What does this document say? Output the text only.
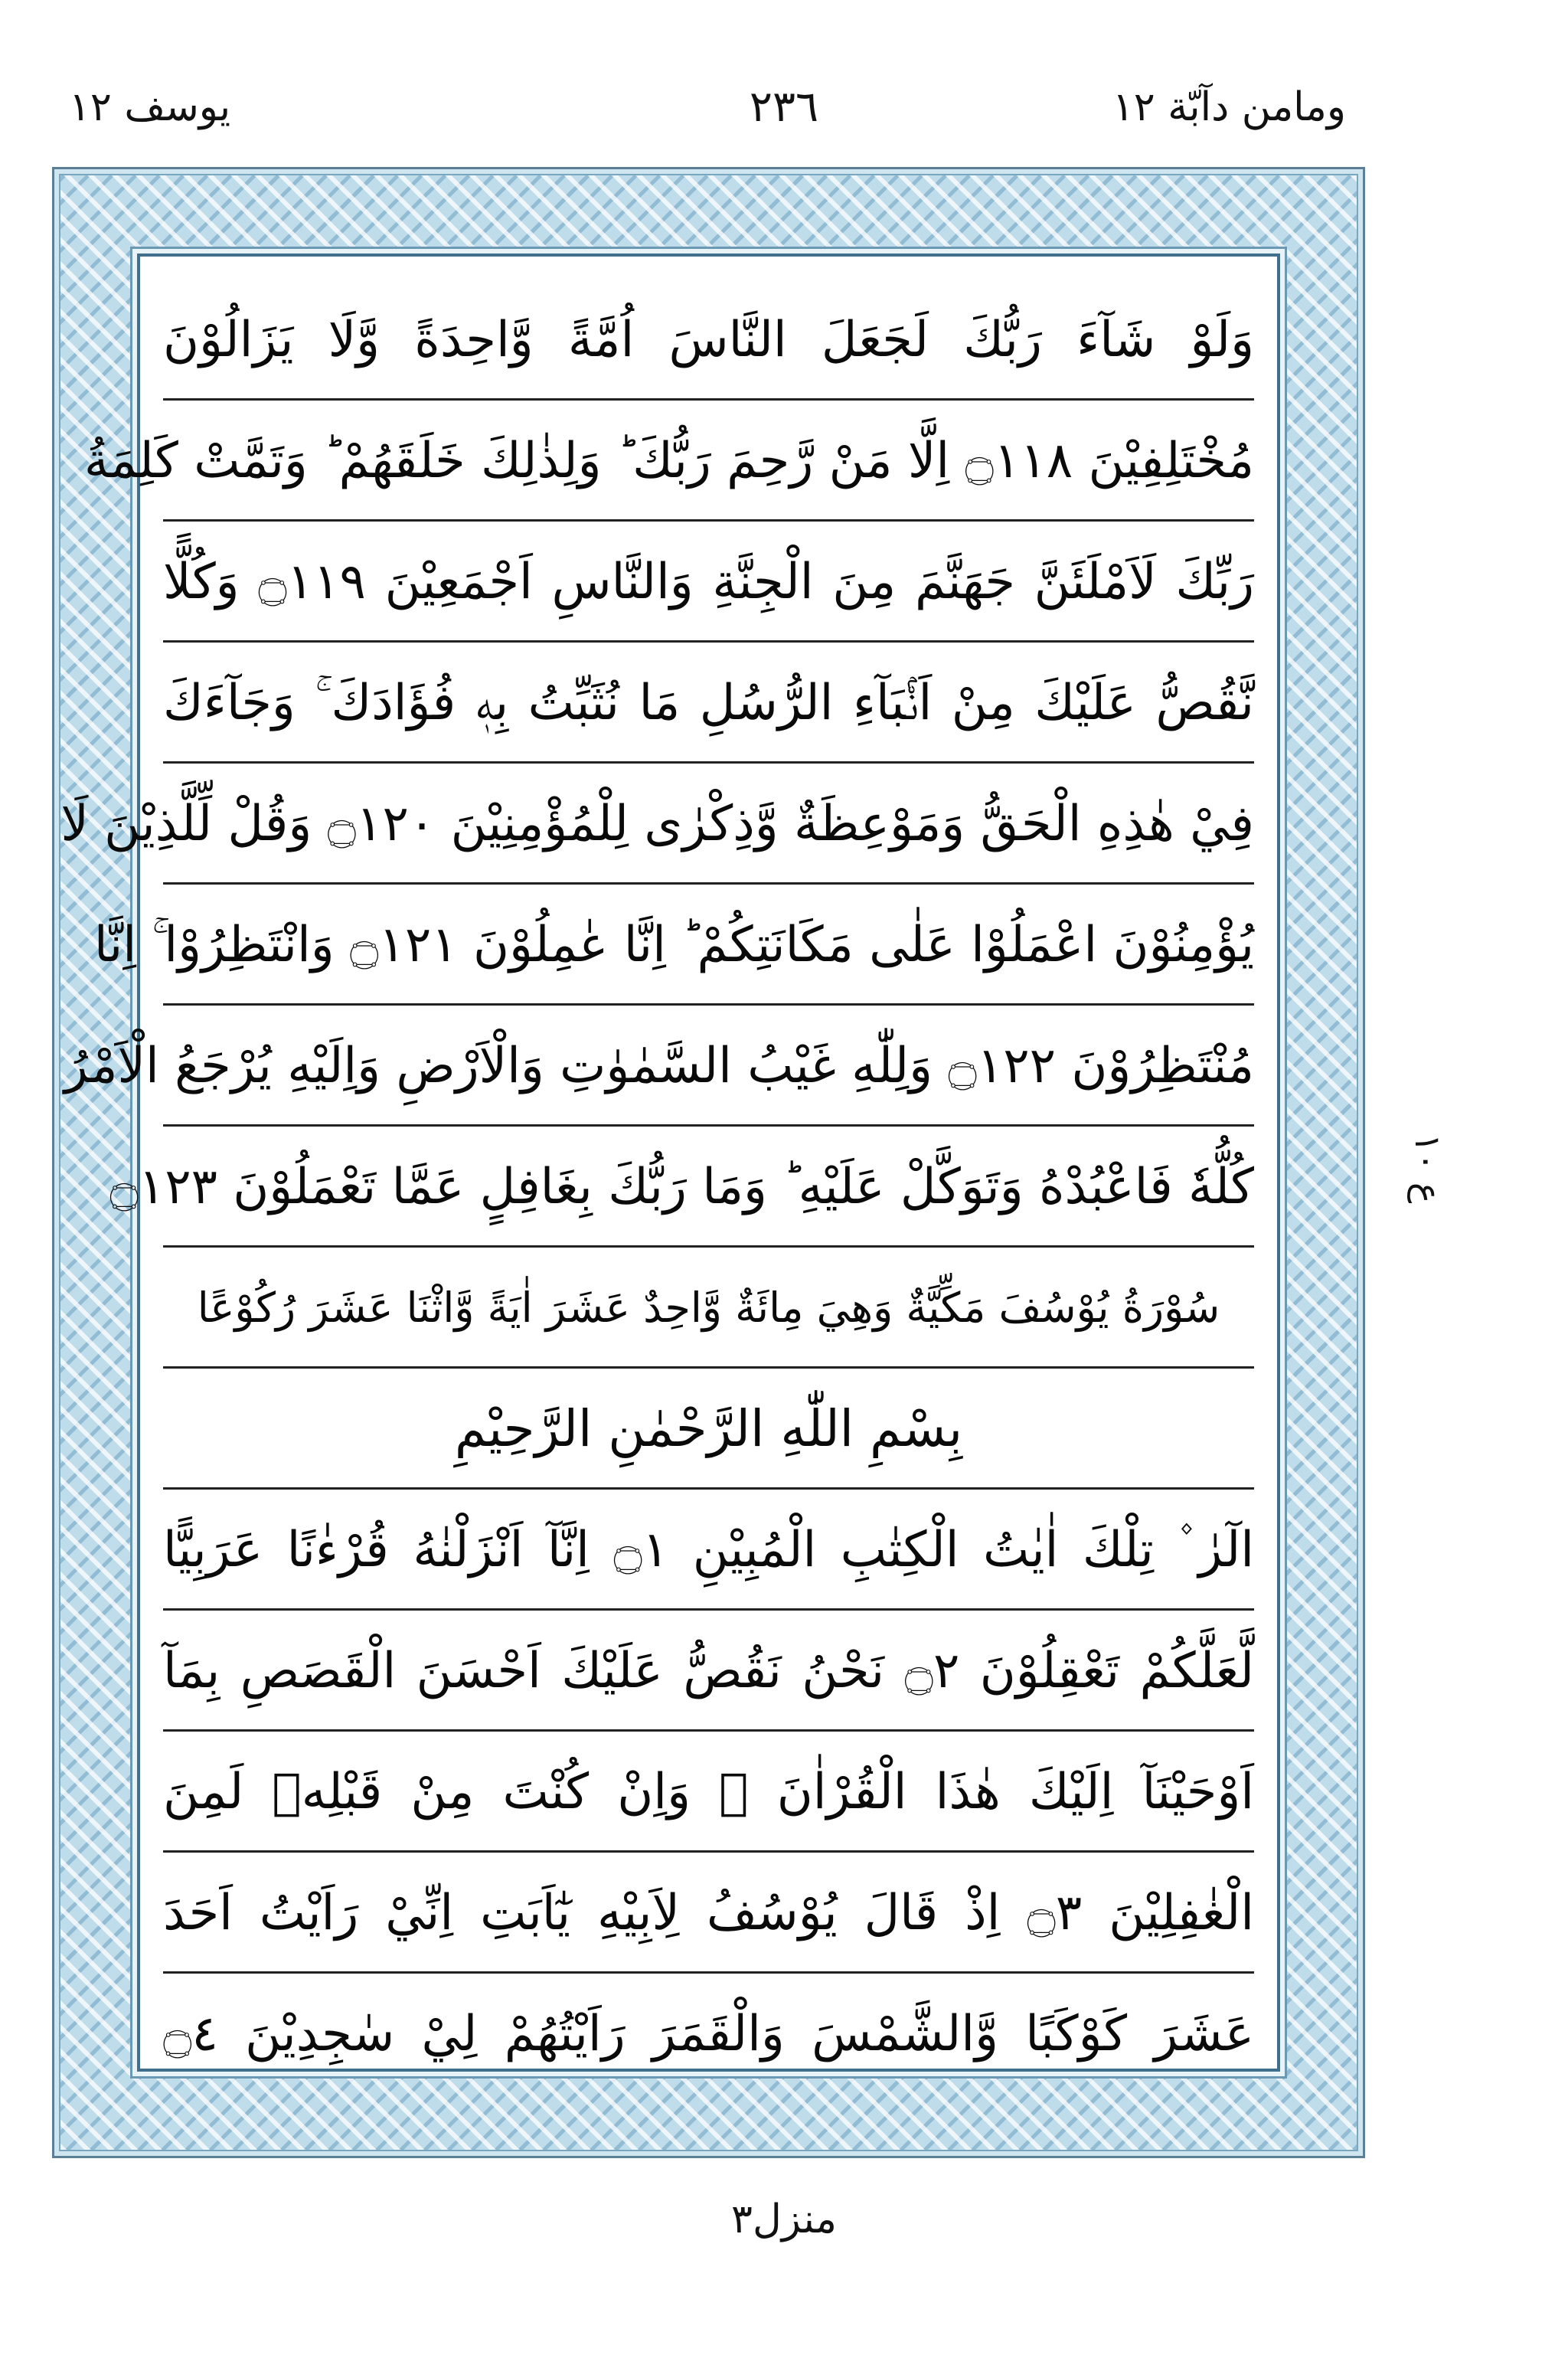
يوسف ١٢	٢٣٦	ومامن دآبّة ١٢
وَلَوْ شَآءَ رَبُّكَ لَجَعَلَ النَّاسَ اُمَّةً وَّاحِدَةً وَّلَا يَزَالُوْنَ
مُخْتَلِفِيْنَ ۝١١٨ اِلَّا مَنْ رَّحِمَ رَبُّكَ ؕ وَلِذٰلِكَ خَلَقَهُمْ ؕ وَتَمَّتْ كَلِمَةُ
رَبِّكَ لَاَمْلَئَنَّ جَهَنَّمَ مِنَ الْجِنَّةِ وَالنَّاسِ اَجْمَعِيْنَ ۝١١٩ وَكُلًّا
نَّقُصُّ عَلَيْكَ مِنْ اَنْۢبَآءِ الرُّسُلِ مَا نُثَبِّتُ بِهٖ فُؤَادَكَ ۚ وَجَآءَكَ
فِيْ هٰذِهِ الْحَقُّ وَمَوْعِظَةٌ وَّذِكْرٰى لِلْمُؤْمِنِيْنَ ۝١٢٠ وَقُلْ لِّلَّذِيْنَ لَا
يُؤْمِنُوْنَ اعْمَلُوْا عَلٰى مَكَانَتِكُمْ ؕ اِنَّا عٰمِلُوْنَ ۝١٢١ وَانْتَظِرُوْا ۚ اِنَّا
مُنْتَظِرُوْنَ ۝١٢٢ وَلِلّٰهِ غَيْبُ السَّمٰوٰتِ وَالْاَرْضِ وَاِلَيْهِ يُرْجَعُ الْاَمْرُ
كُلُّهٗ فَاعْبُدْهُ وَتَوَكَّلْ عَلَيْهِ ؕ وَمَا رَبُّكَ بِغَافِلٍ عَمَّا تَعْمَلُوْنَ ۝١٢٣
سُوْرَةُ يُوْسُفَ مَكِّيَّةٌ وَهِيَ مِائَةٌ وَّاحِدٌ عَشَرَ اٰيَةً وَّاثْنَا عَشَرَ رُكُوْعًا
بِسْمِ اللّٰهِ الرَّحْمٰنِ الرَّحِيْمِ
الٓرٰ ۫ تِلْكَ اٰيٰتُ الْكِتٰبِ الْمُبِيْنِ ۝١ اِنَّآ اَنْزَلْنٰهُ قُرْءٰنًا عَرَبِيًّا
لَّعَلَّكُمْ تَعْقِلُوْنَ ۝٢ نَحْنُ نَقُصُّ عَلَيْكَ اَحْسَنَ الْقَصَصِ بِمَآ
اَوْحَيْنَآ اِلَيْكَ هٰذَا الْقُرْاٰنَ ۖ وَاِنْ كُنْتَ مِنْ قَبْلِهٖ لَمِنَ
الْغٰفِلِيْنَ ۝٣ اِذْ قَالَ يُوْسُفُ لِاَبِيْهِ يٰٓاَبَتِ اِنِّيْ رَاَيْتُ اَحَدَ
عَشَرَ كَوْكَبًا وَّالشَّمْسَ وَالْقَمَرَ رَاَيْتُهُمْ لِيْ سٰجِدِيْنَ ۝٤
ع ١٠
منزل٣
